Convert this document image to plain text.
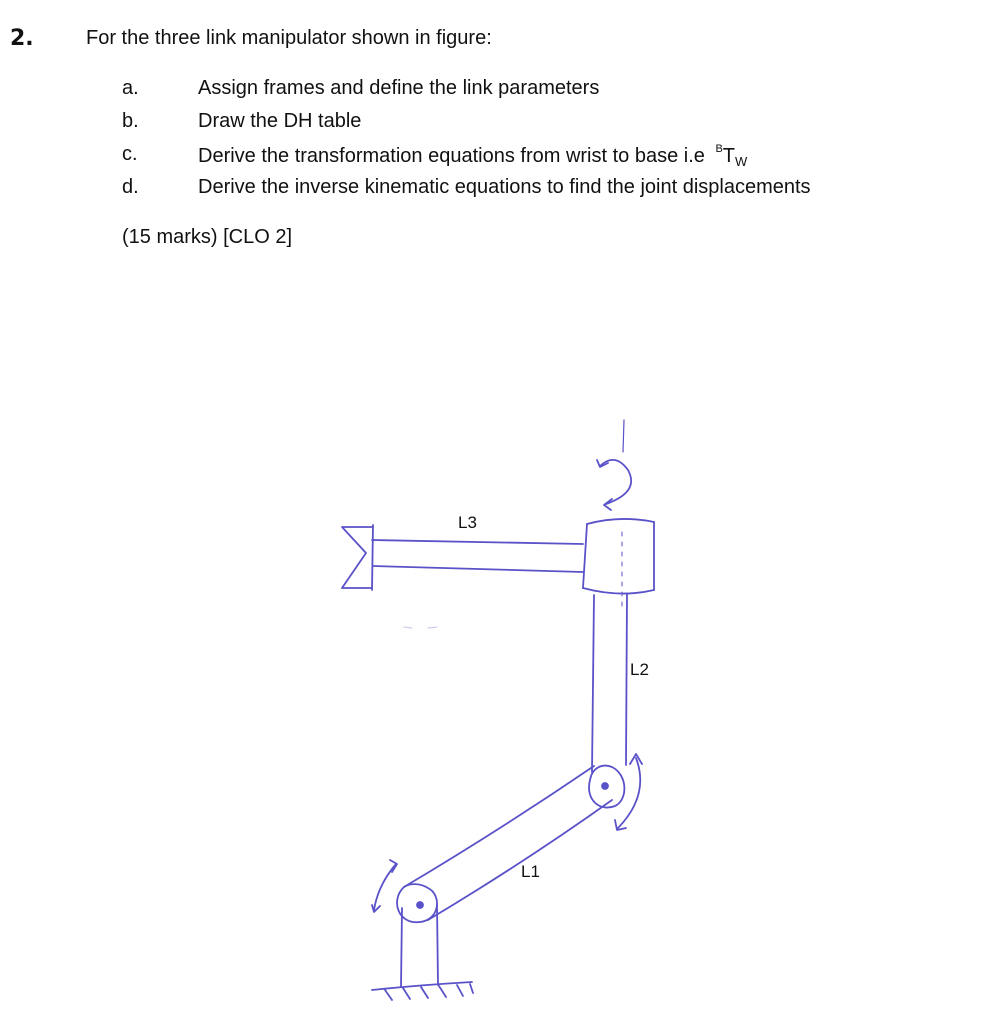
2.	For the three link manipulator shown in figure:
a.	Assign frames and define the link parameters
b.	Draw the DH table
c.	Derive the transformation equations from wrist to base i.e $^BT_W$
d.	Derive the inverse kinematic equations to find the joint displacements
(15 marks) [CLO 2]
L3
L2
L1
